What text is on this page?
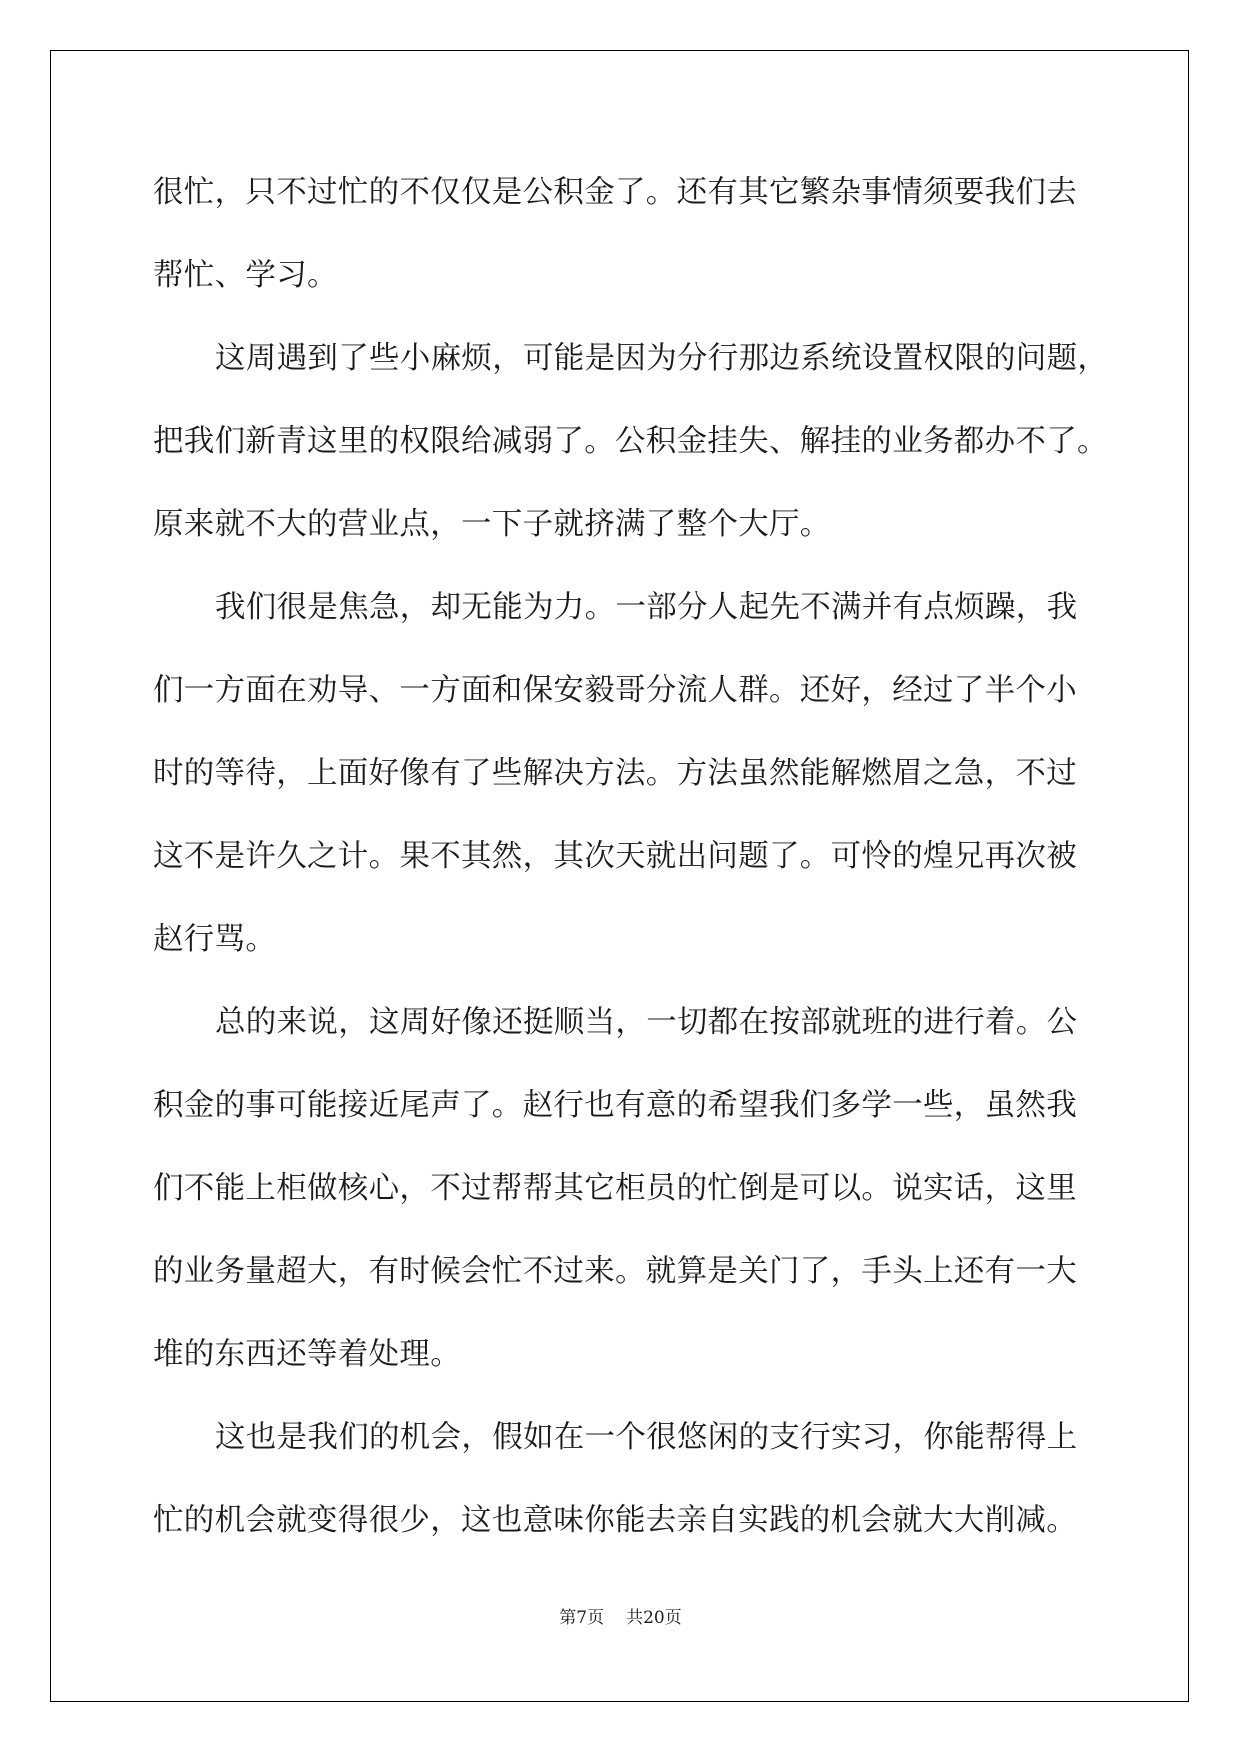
很忙，只不过忙的不仅仅是公积金了。还有其它繁杂事情须要我们去
帮忙、学习。
这周遇到了些小麻烦，可能是因为分行那边系统设置权限的问题，
把我们新青这里的权限给减弱了。公积金挂失、解挂的业务都办不了。
原来就不大的营业点，一下子就挤满了整个大厅。
我们很是焦急，却无能为力。一部分人起先不满并有点烦躁，我
们一方面在劝导、一方面和保安毅哥分流人群。还好，经过了半个小
时的等待，上面好像有了些解决方法。方法虽然能解燃眉之急，不过
这不是许久之计。果不其然，其次天就出问题了。可怜的煌兄再次被
赵行骂。
总的来说，这周好像还挺顺当，一切都在按部就班的进行着。公
积金的事可能接近尾声了。赵行也有意的希望我们多学一些，虽然我
们不能上柜做核心，不过帮帮其它柜员的忙倒是可以。说实话，这里
的业务量超大，有时候会忙不过来。就算是关门了，手头上还有一大
堆的东西还等着处理。
这也是我们的机会，假如在一个很悠闲的支行实习，你能帮得上
忙的机会就变得很少，这也意味你能去亲自实践的机会就大大削减。
第7页 共20页
